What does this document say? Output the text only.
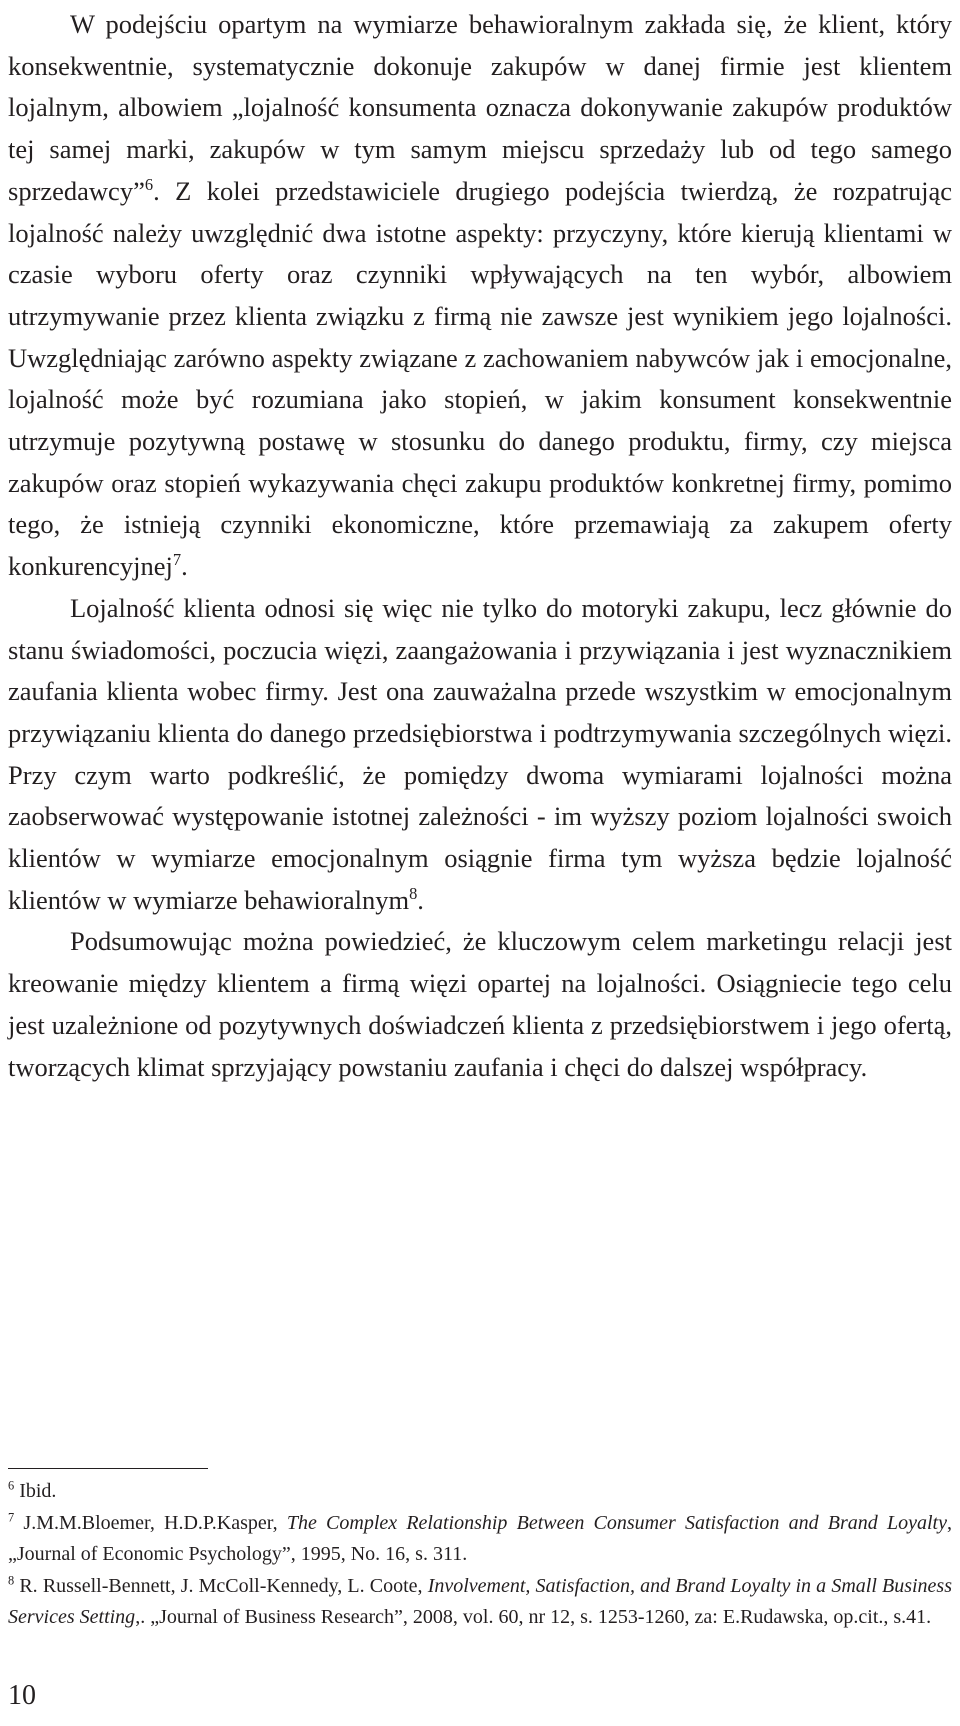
W podejściu opartym na wymiarze behawioralnym zakłada się, że klient, który konsekwentnie, systematycznie dokonuje zakupów w danej firmie jest klientem lojalnym, albowiem „lojalność konsumenta oznacza dokonywanie zakupów produktów tej samej marki, zakupów w tym samym miejscu sprzedaży lub od tego samego sprzedawcy”$^6$. Z kolei przedstawiciele drugiego podejścia twierdzą, że rozpatrując lojalność należy uwzględnić dwa istotne aspekty: przyczyny, które kierują klientami w czasie wyboru oferty oraz czynniki wpływających na ten wybór, albowiem utrzymywanie przez klienta związku z firmą nie zawsze jest wynikiem jego lojalności. Uwzględniając zarówno aspekty związane z zachowaniem nabywców jak i emocjonalne, lojalność może być rozumiana jako stopień, w jakim konsument konsekwentnie utrzymuje pozytywną postawę w stosunku do danego produktu, firmy, czy miejsca zakupów oraz stopień wykazywania chęci zakupu produktów konkretnej firmy, pomimo tego, że istnieją czynniki ekonomiczne, które przemawiają za zakupem oferty konkurencyjnej$^7$.

Lojalność klienta odnosi się więc nie tylko do motoryki zakupu, lecz głównie do stanu świadomości, poczucia więzi, zaangażowania i przywiązania i jest wyznacznikiem zaufania klienta wobec firmy. Jest ona zauważalna przede wszystkim w emocjonalnym przywiązaniu klienta do danego przedsiębiorstwa i podtrzymywania szczególnych więzi. Przy czym warto podkreślić, że pomiędzy dwoma wymiarami lojalności można zaobserwować występowanie istotnej zależności - im wyższy poziom lojalności swoich klientów w wymiarze emocjonalnym osiągnie firma tym wyższa będzie lojalność klientów w wymiarze behawioralnym$^8$.

Podsumowując można powiedzieć, że kluczowym celem marketingu relacji jest kreowanie między klientem a firmą więzi opartej na lojalności. Osiągniecie tego celu jest uzależnione od pozytywnych doświadczeń klienta z przedsiębiorstwem i jego ofertą, tworzących klimat sprzyjający powstaniu zaufania i chęci do dalszej współpracy.

$^6$ Ibid.
$^7$ J.M.M.Bloemer, H.D.P.Kasper, The Complex Relationship Between Consumer Satisfaction and Brand Loyalty, „Journal of Economic Psychology”, 1995, No. 16, s. 311.
$^8$ R. Russell-Bennett, J. McColl-Kennedy, L. Coote, Involvement, Satisfaction, and Brand Loyalty in a Small Business Services Setting,. „Journal of Business Research”, 2008, vol. 60, nr 12, s. 1253-1260, za: E.Rudawska, op.cit., s.41.
10
